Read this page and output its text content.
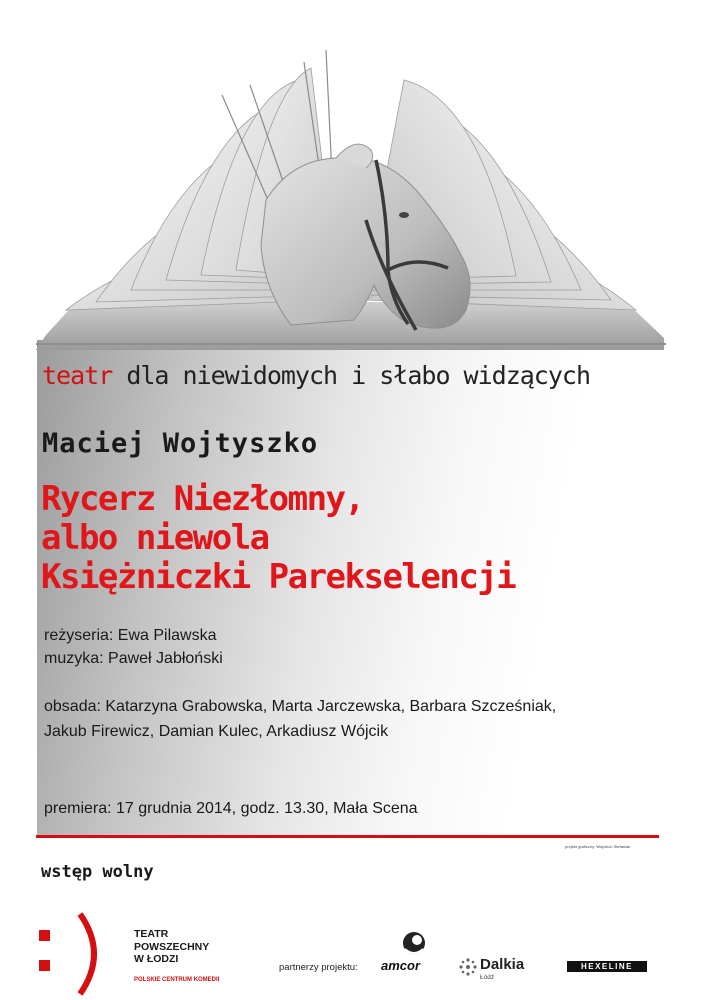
teatr dla niewidomych i słabo widzących
Maciej Wojtyszko
Rycerz Niezłomny,
albo niewola
Księżniczki Parekselencji
reżyseria: Ewa Pilawska
muzyka: Paweł Jabłoński
obsada: Katarzyna Grabowska, Marta Jarczewska, Barbara Szcześniak,
Jakub Firewicz, Damian Kulec, Arkadiusz Wójcik
premiera: 17 grudnia 2014, godz. 13.30, Mała Scena
projekt graficzny: Wojciech Stefaniak
wstęp wolny
TEATR
POWSZECHNY
W ŁODZI
POLSKIE CENTRUM KOMEDII
partnerzy projektu: amcor	Dalkia
Łódź
HEXELINE
